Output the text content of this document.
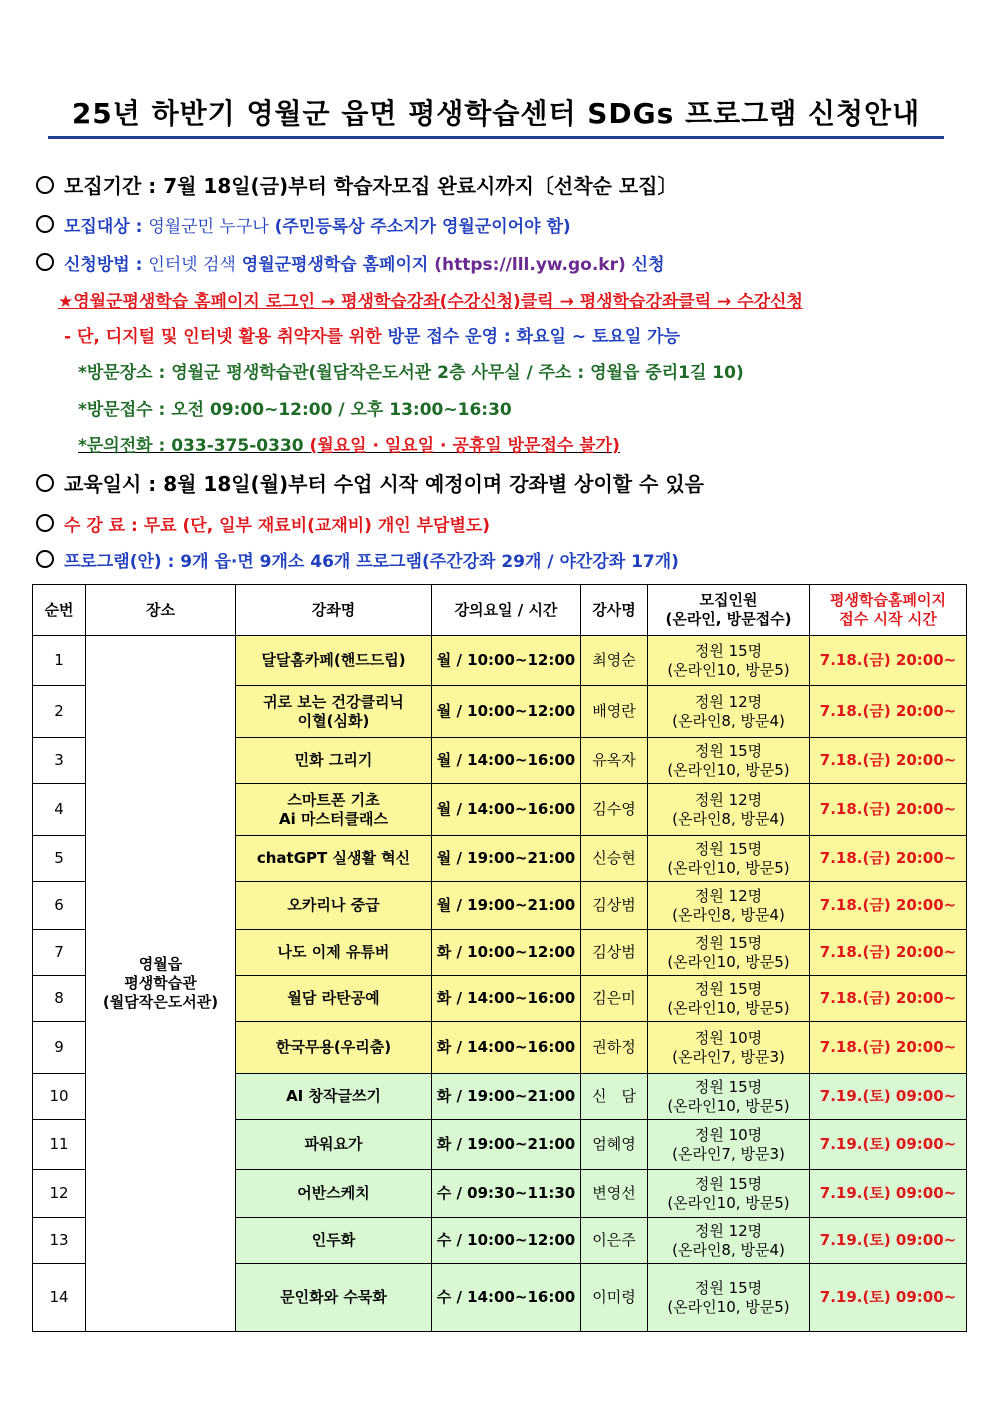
25년 하반기 영월군 읍면 평생학습센터 SDGs 프로그램 신청안내
모집기간 : 7월 18일(금)부터 학습자모집 완료시까지〔선착순 모집〕
모집대상 : 영월군민 누구나 (주민등록상 주소지가 영월군이어야 함)
신청방법 : 인터넷 검색 영월군평생학습 홈페이지 (https://lll.yw.go.kr) 신청
★영월군평생학습 홈페이지 로그인 → 평생학습강좌(수강신청)클릭 → 평생학습강좌클릭 → 수강신청
- 단, 디지털 및 인터넷 활용 취약자를 위한 방문 접수 운영 : 화요일 ~ 토요일 가능
*방문장소 : 영월군 평생학습관(월담작은도서관 2층 사무실 / 주소 : 영월읍 중리1길 10)
*방문접수 : 오전 09:00~12:00 / 오후 13:00~16:30
*문의전화 : 033-375-0330 (월요일 · 일요일 · 공휴일 방문접수 불가)
교육일시 : 8월 18일(월)부터 수업 시작 예정이며 강좌별 상이할 수 있음
수 강 료 : 무료 (단, 일부 재료비(교재비) 개인 부담별도)
프로그램(안) : 9개 읍·면 9개소 46개 프로그램(주간강좌 29개 / 야간강좌 17개)
순번	장소	강좌명	강의요일 / 시간	강사명	모집인원
(온라인, 방문접수)	평생학습홈페이지
접수 시작 시간
1	영월읍
평생학습관
(월담작은도서관)	달달홈카페(핸드드립)	월 / 10:00~12:00	최영순	정원 15명
(온라인10, 방문5)	7.18.(금) 20:00~
2		귀로 보는 건강클리닉
이혈(심화)	월 / 10:00~12:00	배영란	정원 12명
(온라인8, 방문4)	7.18.(금) 20:00~
3		민화 그리기	월 / 14:00~16:00	유옥자	정원 15명
(온라인10, 방문5)	7.18.(금) 20:00~
4		스마트폰 기초
Ai 마스터클래스	월 / 14:00~16:00	김수영	정원 12명
(온라인8, 방문4)	7.18.(금) 20:00~
5		chatGPT 실생활 혁신	월 / 19:00~21:00	신승현	정원 15명
(온라인10, 방문5)	7.18.(금) 20:00~
6		오카리나 중급	월 / 19:00~21:00	김상범	정원 12명
(온라인8, 방문4)	7.18.(금) 20:00~
7		나도 이제 유튜버	화 / 10:00~12:00	김상범	정원 15명
(온라인10, 방문5)	7.18.(금) 20:00~
8		월담 라탄공예	화 / 14:00~16:00	김은미	정원 15명
(온라인10, 방문5)	7.18.(금) 20:00~
9		한국무용(우리춤)	화 / 14:00~16:00	권하정	정원 10명
(온라인7, 방문3)	7.18.(금) 20:00~
10		AI 창작글쓰기	화 / 19:00~21:00	신　담	정원 15명
(온라인10, 방문5)	7.19.(토) 09:00~
11		파워요가	화 / 19:00~21:00	엄혜영	정원 10명
(온라인7, 방문3)	7.19.(토) 09:00~
12		어반스케치	수 / 09:30~11:30	변영선	정원 15명
(온라인10, 방문5)	7.19.(토) 09:00~
13		인두화	수 / 10:00~12:00	이은주	정원 12명
(온라인8, 방문4)	7.19.(토) 09:00~
14		문인화와 수묵화	수 / 14:00~16:00	이미령	정원 15명
(온라인10, 방문5)	7.19.(토) 09:00~
